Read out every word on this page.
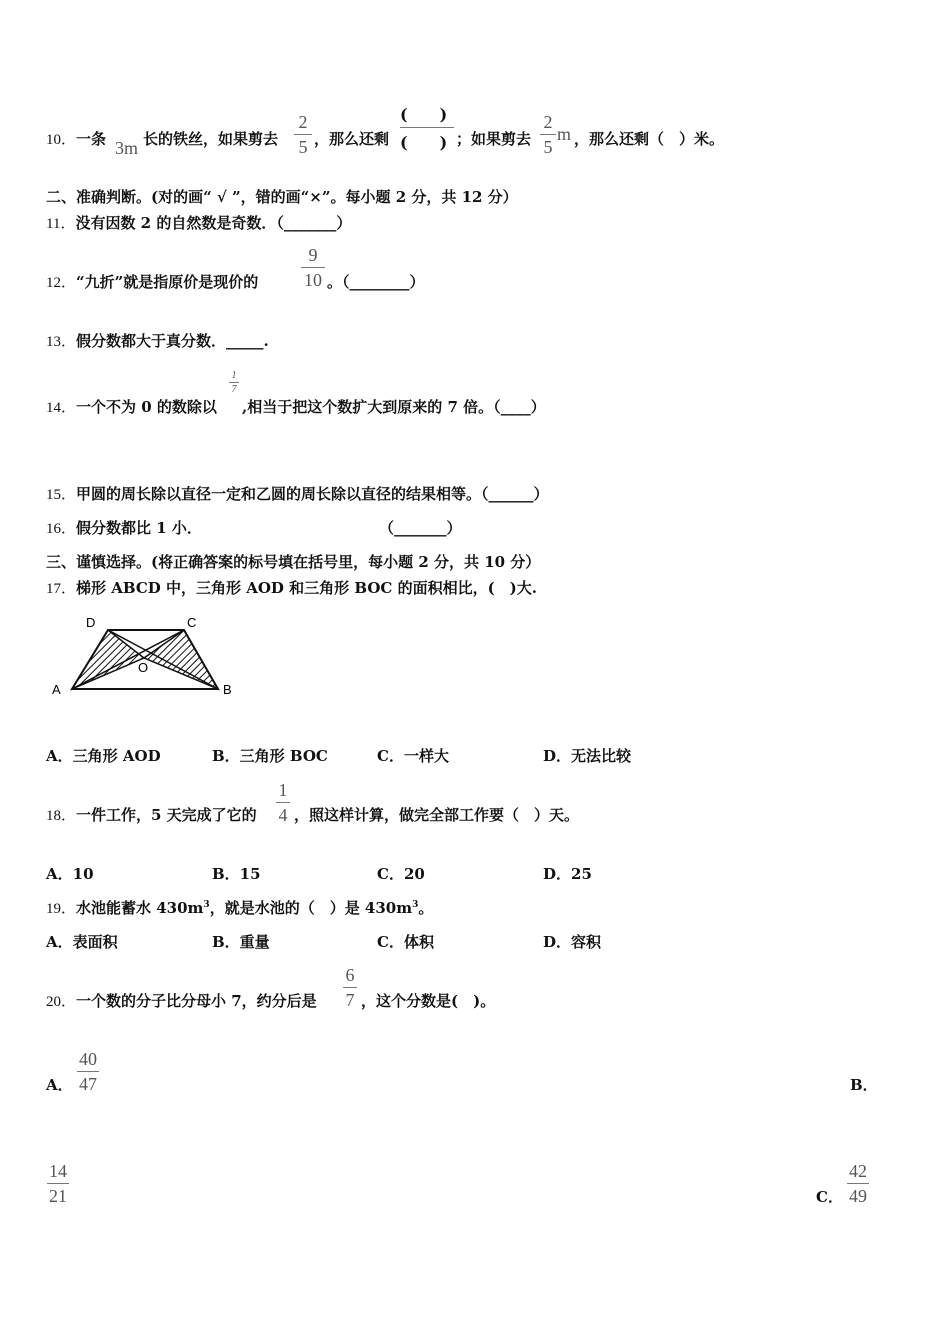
10．一条 3m 长的铁丝，如果剪去
2
5 ，那么还剩
(　　)
(　　) ；如果剪去
2
5
m ，那么还剩（　）米。
二、准确判断。(对的画“ √ ”，错的画“×”。每小题 2 分，共 12 分）
11．没有因数 2 的自然数是奇数．（_______）
12．“九折”就是指原价是现价的
9
10 。（________）
13．假分数都大于真分数．_____.
14．一个不为 0 的数除以
1
7
,相当于把这个数扩大到原来的 7 倍。（____）
15．甲圆的周长除以直径一定和乙圆的周长除以直径的结果相等。（______）
16．假分数都比 1 小．	（_______）
三、谨慎选择。(将正确答案的标号填在括号里，每小题 2 分，共 10 分）
17．梯形 ABCD 中，三角形 AOD 和三角形 BOC 的面积相比，(　)大.
D	C
O
A	B
A．三角形 AOD	B．三角形 BOC	C．一样大	D．无法比较
18．一件工作，5 天完成了它的
1
4 ，照这样计算，做完全部工作要（　）天。
A．10	B．15	C．20	D．25
19．水池能蓄水 $430m^3$，就是水池的（　）是 $430m^3$。
A．表面积	B．重量	C．体积	D．容积
20．一个数的分子比分母小 7，约分后是
6
7 ，这个分数是(　)。
A．
40
47	B．
14
21	C．
42
49
